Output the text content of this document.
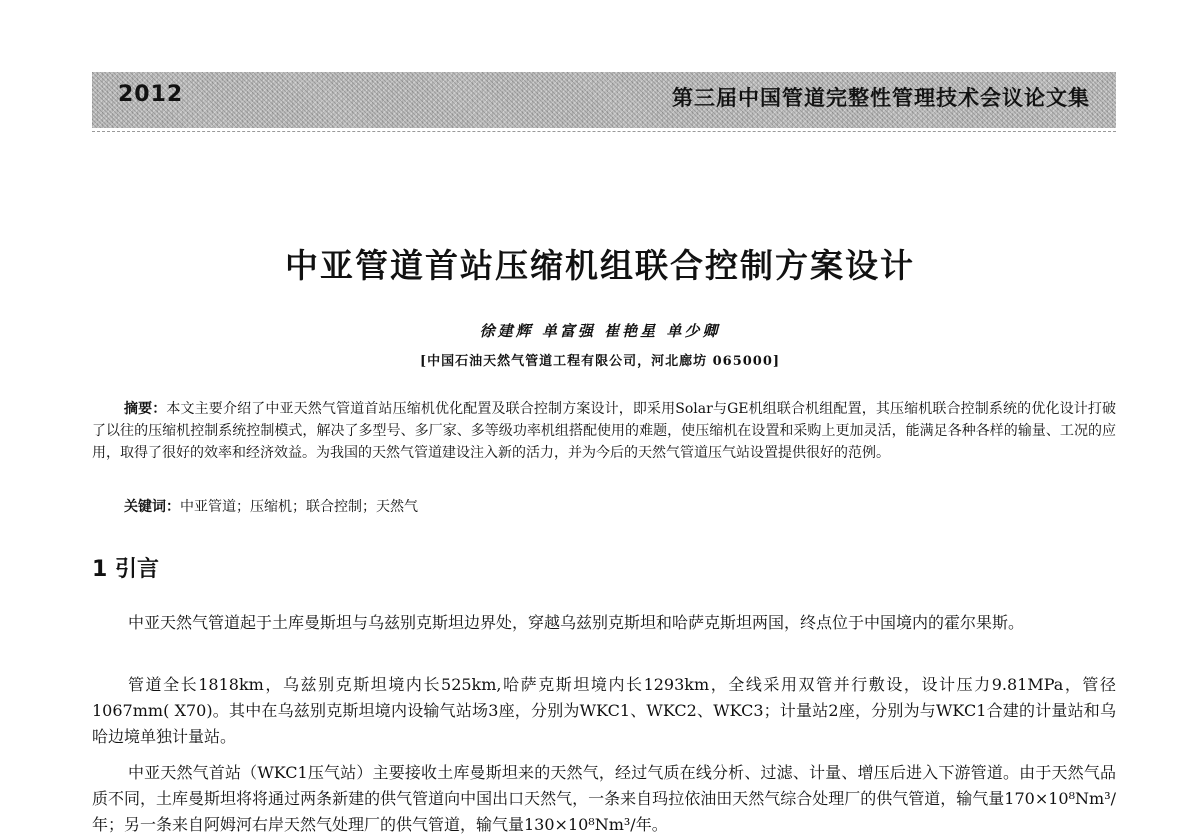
2012	第三届中国管道完整性管理技术会议论文集
中亚管道首站压缩机组联合控制方案设计
徐建辉 单富强 崔艳星 单少卿
[中国石油天然气管道工程有限公司，河北廊坊 065000]

摘要：本文主要介绍了中亚天然气管道首站压缩机优化配置及联合控制方案设计，即采用Solar与GE机组联合机组配置，其压缩机联合控制系统的优化设计打破了以往的压缩机控制系统控制模式，解决了多型号、多厂家、多等级功率机组搭配使用的难题，使压缩机在设置和采购上更加灵活，能满足各种各样的输量、工况的应用，取得了很好的效率和经济效益。为我国的天然气管道建设注入新的活力，并为今后的天然气管道压气站设置提供很好的范例。

关键词：中亚管道；压缩机；联合控制；天然气

1 引言

中亚天然气管道起于土库曼斯坦与乌兹别克斯坦边界处，穿越乌兹别克斯坦和哈萨克斯坦两国，终点位于中国境内的霍尔果斯。

管道全长1818km，乌兹别克斯坦境内长525km,哈萨克斯坦境内长1293km，全线采用双管并行敷设，设计压力9.81MPa，管径1067mm( X70)。其中在乌兹别克斯坦境内设输气站场3座，分别为WKC1、WKC2、WKC3；计量站2座，分别为与WKC1合建的计量站和乌哈边境单独计量站。

中亚天然气首站（WKC1压气站）主要接收土库曼斯坦来的天然气，经过气质在线分析、过滤、计量、增压后进入下游管道。由于天然气品质不同，土库曼斯坦将将通过两条新建的供气管道向中国出口天然气，一条来自玛拉依油田天然气综合处理厂的供气管道，输气量170×10⁸Nm³/年；另一条来自阿姆河右岸天然气处理厂的供气管道，输气量130×10⁸Nm³/年。
